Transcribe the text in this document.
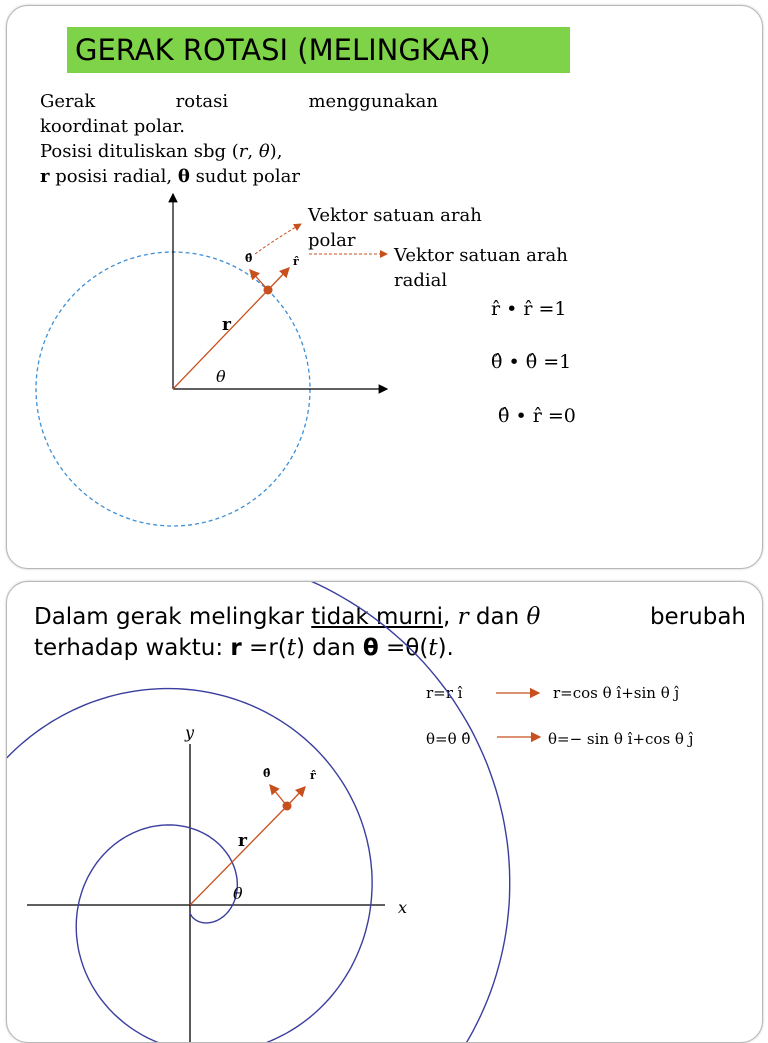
GERAK ROTASI (MELINGKAR)
Gerak	rotasi	menggunakan
koordinat polar.
Posisi dituliskan sbg (r, θ),
r posisi radial, θ sudut polar
Vektor satuan arah
polar
Vektor satuan arah
radial
r̂ • r̂ =1
θ̂ • θ̂ =1
θ̂ • r̂ =0
r
θ
θ̂	r̂
Dalam gerak melingkar tidak murni, r dan θ	berubah
terhadap waktu: r =r(t) dan θ =θ(t).
r=r î	r=cos θ î+sin θ ĵ
θ=θ θ̂	θ=− sin θ î+cos θ ĵ
x
y
r
θ
θ̂	r̂
